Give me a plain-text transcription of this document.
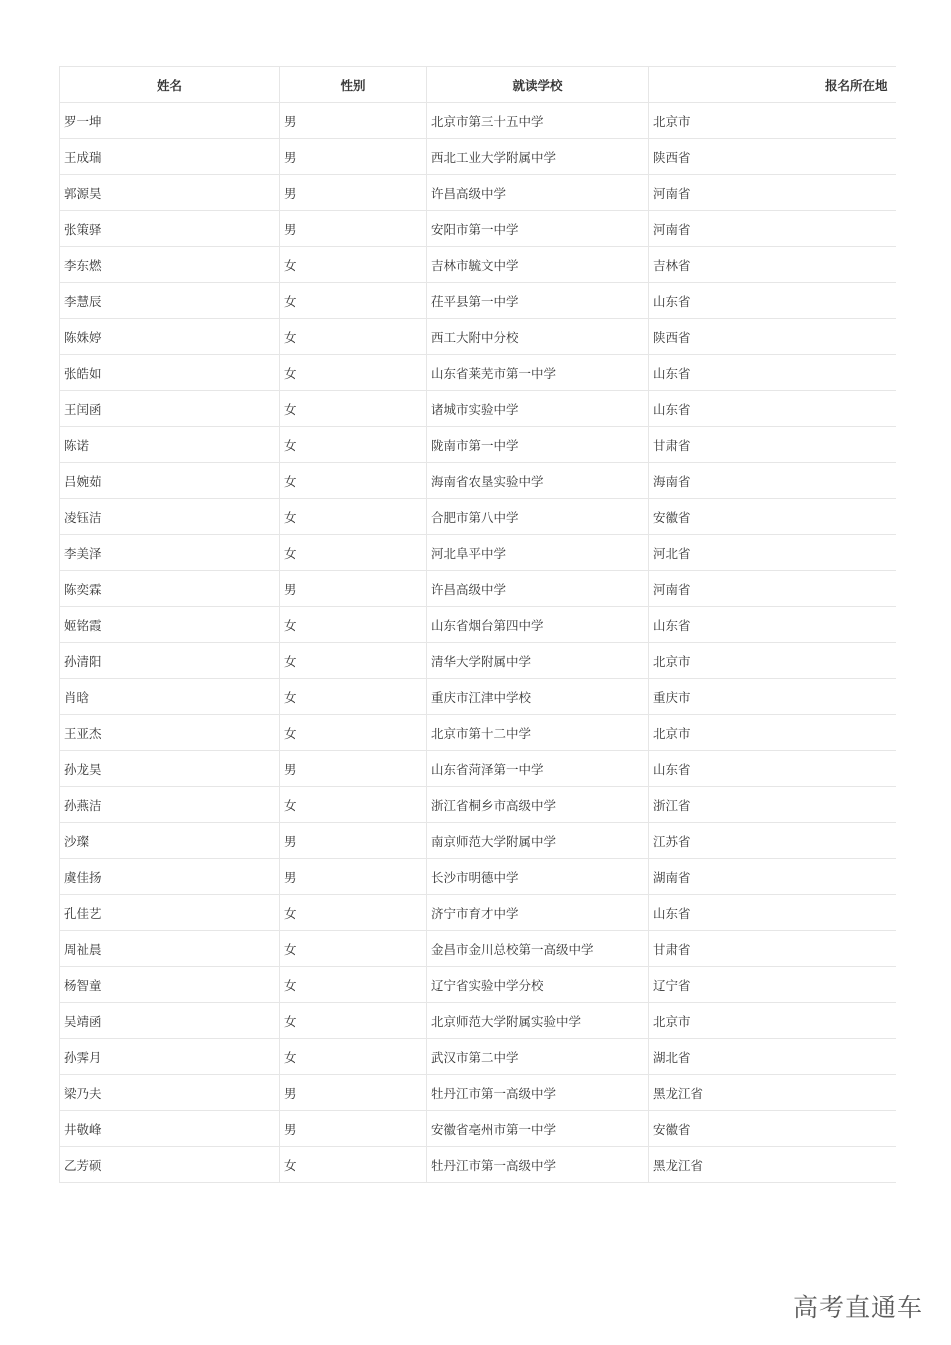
姓名	性别	就读学校	报名所在地
罗一坤	男	北京市第三十五中学	北京市
王成瑞	男	西北工业大学附属中学	陕西省
郭源昊	男	许昌高级中学	河南省
张策驿	男	安阳市第一中学	河南省
李东燃	女	吉林市毓文中学	吉林省
李慧辰	女	茌平县第一中学	山东省
陈姝婷	女	西工大附中分校	陕西省
张皓如	女	山东省莱芜市第一中学	山东省
王闰函	女	诸城市实验中学	山东省
陈诺	女	陇南市第一中学	甘肃省
吕婉茹	女	海南省农垦实验中学	海南省
凌钰洁	女	合肥市第八中学	安徽省
李美泽	女	河北阜平中学	河北省
陈奕霖	男	许昌高级中学	河南省
姬铭霞	女	山东省烟台第四中学	山东省
孙清阳	女	清华大学附属中学	北京市
肖晗	女	重庆市江津中学校	重庆市
王亚杰	女	北京市第十二中学	北京市
孙龙昊	男	山东省菏泽第一中学	山东省
孙燕洁	女	浙江省桐乡市高级中学	浙江省
沙璨	男	南京师范大学附属中学	江苏省
虞佳扬	男	长沙市明德中学	湖南省
孔佳艺	女	济宁市育才中学	山东省
周祉晨	女	金昌市金川总校第一高级中学	甘肃省
杨智童	女	辽宁省实验中学分校	辽宁省
吴靖函	女	北京师范大学附属实验中学	北京市
孙霁月	女	武汉市第二中学	湖北省
梁乃夫	男	牡丹江市第一高级中学	黑龙江省
井敬峰	男	安徽省亳州市第一中学	安徽省
乙芳硕	女	牡丹江市第一高级中学	黑龙江省
高考直通车
